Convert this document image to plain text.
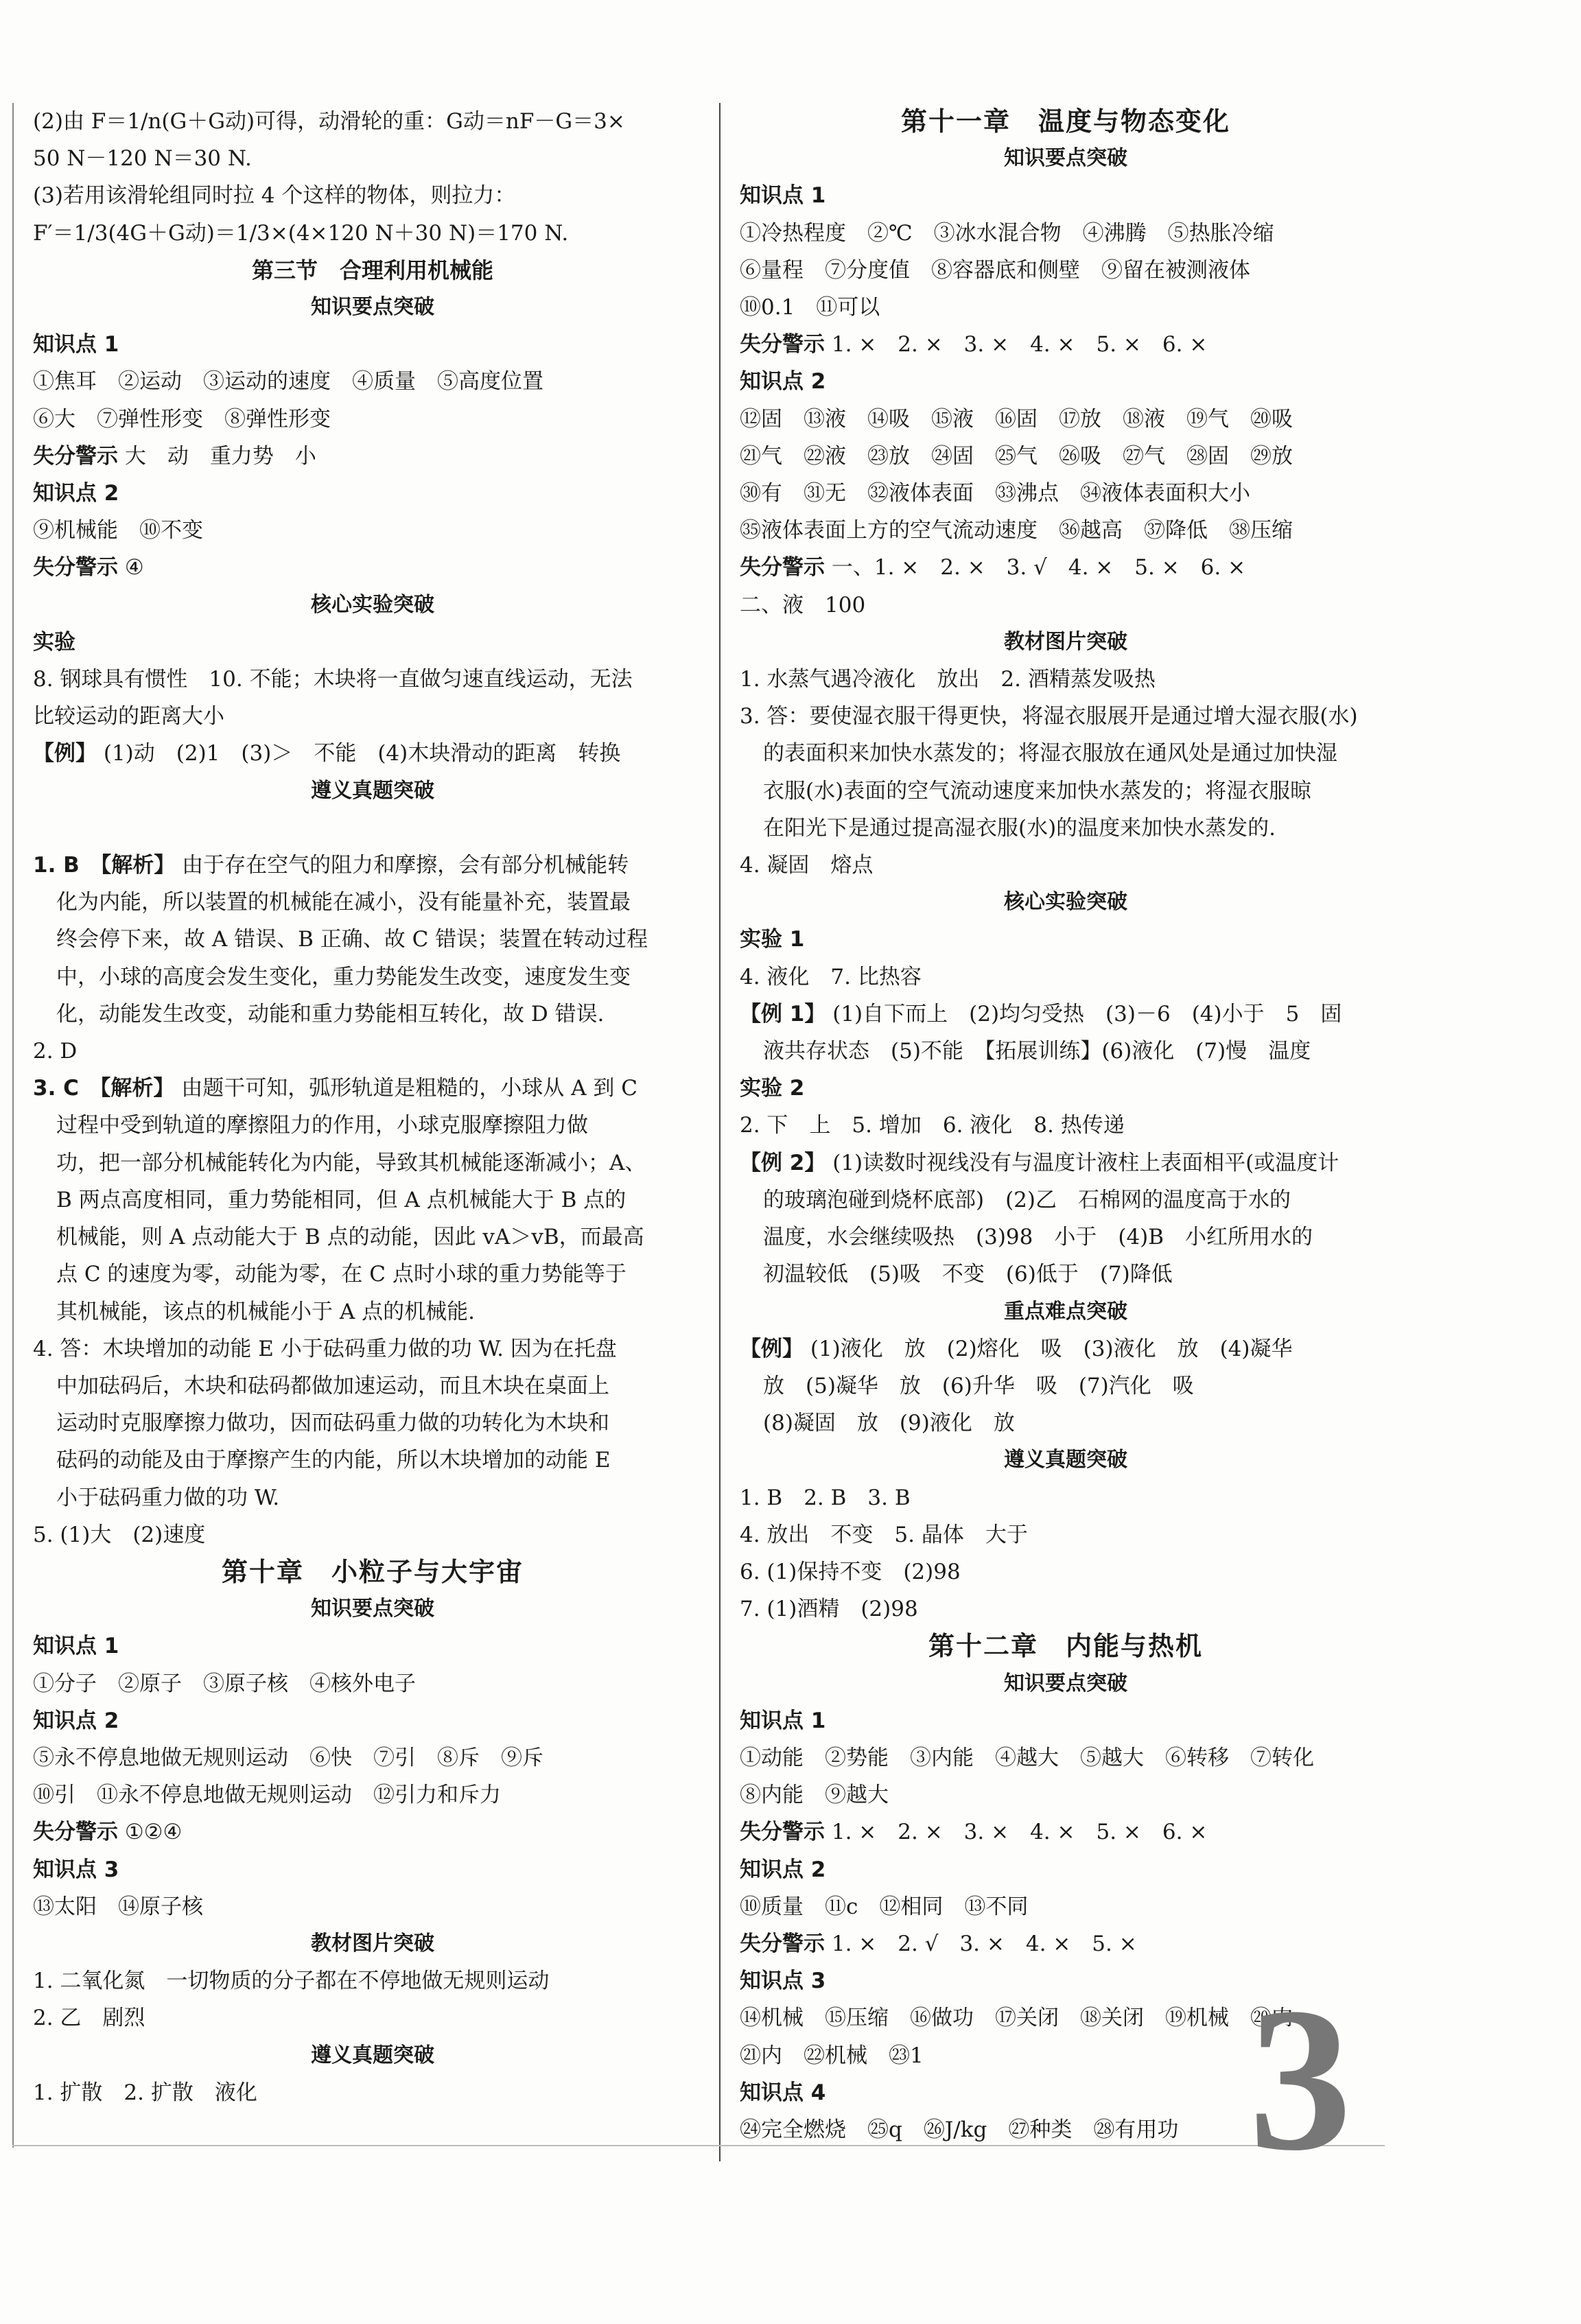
(2)由 F＝1/n(G＋G动)可得，动滑轮的重：G动＝nF－G＝3×
50 N－120 N＝30 N.
(3)若用该滑轮组同时拉 4 个这样的物体，则拉力：
F′＝1/3(4G＋G动)＝1/3×(4×120 N＋30 N)＝170 N.
第三节　合理利用机械能
知识要点突破
知识点 1
①焦耳　②运动　③运动的速度　④质量　⑤高度位置
⑥大　⑦弹性形变　⑧弹性形变
失分警示 大　动　重力势　小
知识点 2
⑨机械能　⑩不变
失分警示 ④
核心实验突破
实验
8. 钢球具有惯性　10. 不能；木块将一直做匀速直线运动，无法
比较运动的距离大小
【例】 (1)动　(2)1　(3)＞　不能　(4)木块滑动的距离　转换
遵义真题突破

1. B　【解析】 由于存在空气的阻力和摩擦，会有部分机械能转
化为内能，所以装置的机械能在减小，没有能量补充，装置最
终会停下来，故 A 错误、B 正确、故 C 错误；装置在转动过程
中，小球的高度会发生变化，重力势能发生改变，速度发生变
化，动能发生改变，动能和重力势能相互转化，故 D 错误.
2. D
3. C　【解析】 由题干可知，弧形轨道是粗糙的，小球从 A 到 C
过程中受到轨道的摩擦阻力的作用，小球克服摩擦阻力做
功，把一部分机械能转化为内能，导致其机械能逐渐减小；A、
B 两点高度相同，重力势能相同，但 A 点机械能大于 B 点的
机械能，则 A 点动能大于 B 点的动能，因此 vA＞vB，而最高
点 C 的速度为零，动能为零，在 C 点时小球的重力势能等于
其机械能，该点的机械能小于 A 点的机械能.
4. 答：木块增加的动能 E 小于砝码重力做的功 W. 因为在托盘
中加砝码后，木块和砝码都做加速运动，而且木块在桌面上
运动时克服摩擦力做功，因而砝码重力做的功转化为木块和
砝码的动能及由于摩擦产生的内能，所以木块增加的动能 E
小于砝码重力做的功 W.
5. (1)大　(2)速度
第十章　小粒子与大宇宙
知识要点突破
知识点 1
①分子　②原子　③原子核　④核外电子
知识点 2
⑤永不停息地做无规则运动　⑥快　⑦引　⑧斥　⑨斥
⑩引　⑪永不停息地做无规则运动　⑫引力和斥力
失分警示 ①②④
知识点 3
⑬太阳　⑭原子核
教材图片突破
1. 二氧化氮　一切物质的分子都在不停地做无规则运动
2. 乙　剧烈
遵义真题突破
1. 扩散　2. 扩散　液化
第十一章　温度与物态变化
知识要点突破
知识点 1
①冷热程度　②℃　③冰水混合物　④沸腾　⑤热胀冷缩
⑥量程　⑦分度值　⑧容器底和侧壁　⑨留在被测液体
⑩0.1　⑪可以
失分警示 1. ×　2. ×　3. ×　4. ×　5. ×　6. ×
知识点 2
⑫固　⑬液　⑭吸　⑮液　⑯固　⑰放　⑱液　⑲气　⑳吸
㉑气　㉒液　㉓放　㉔固　㉕气　㉖吸　㉗气　㉘固　㉙放
㉚有　㉛无　㉜液体表面　㉝沸点　㉞液体表面积大小
㉟液体表面上方的空气流动速度　㊱越高　㊲降低　㊳压缩
失分警示 一、1. ×　2. ×　3. √　4. ×　5. ×　6. ×
二、液　100
教材图片突破
1. 水蒸气遇冷液化　放出　2. 酒精蒸发吸热
3. 答：要使湿衣服干得更快，将湿衣服展开是通过增大湿衣服(水)
的表面积来加快水蒸发的；将湿衣服放在通风处是通过加快湿
衣服(水)表面的空气流动速度来加快水蒸发的；将湿衣服晾
在阳光下是通过提高湿衣服(水)的温度来加快水蒸发的.
4. 凝固　熔点
核心实验突破
实验 1
4. 液化　7. 比热容
【例 1】 (1)自下而上　(2)均匀受热　(3)－6　(4)小于　5　固
液共存状态　(5)不能　【拓展训练】(6)液化　(7)慢　温度
实验 2
2. 下　上　5. 增加　6. 液化　8. 热传递
【例 2】 (1)读数时视线没有与温度计液柱上表面相平(或温度计
的玻璃泡碰到烧杯底部)　(2)乙　石棉网的温度高于水的
温度，水会继续吸热　(3)98　小于　(4)B　小红所用水的
初温较低　(5)吸　不变　(6)低于　(7)降低
重点难点突破
【例】 (1)液化　放　(2)熔化　吸　(3)液化　放　(4)凝华
放　(5)凝华　放　(6)升华　吸　(7)汽化　吸
(8)凝固　放　(9)液化　放
遵义真题突破
1. B　2. B　3. B
4. 放出　不变　5. 晶体　大于
6. (1)保持不变　(2)98
7. (1)酒精　(2)98
第十二章　内能与热机
知识要点突破
知识点 1
①动能　②势能　③内能　④越大　⑤越大　⑥转移　⑦转化
⑧内能　⑨越大
失分警示 1. ×　2. ×　3. ×　4. ×　5. ×　6. ×
知识点 2
⑩质量　⑪c　⑫相同　⑬不同
失分警示 1. ×　2. √　3. ×　4. ×　5. ×
知识点 3
⑭机械　⑮压缩　⑯做功　⑰关闭　⑱关闭　⑲机械　⑳内
㉑内　㉒机械　㉓1
知识点 4
㉔完全燃烧　㉕q　㉖J/kg　㉗种类　㉘有用功 3
